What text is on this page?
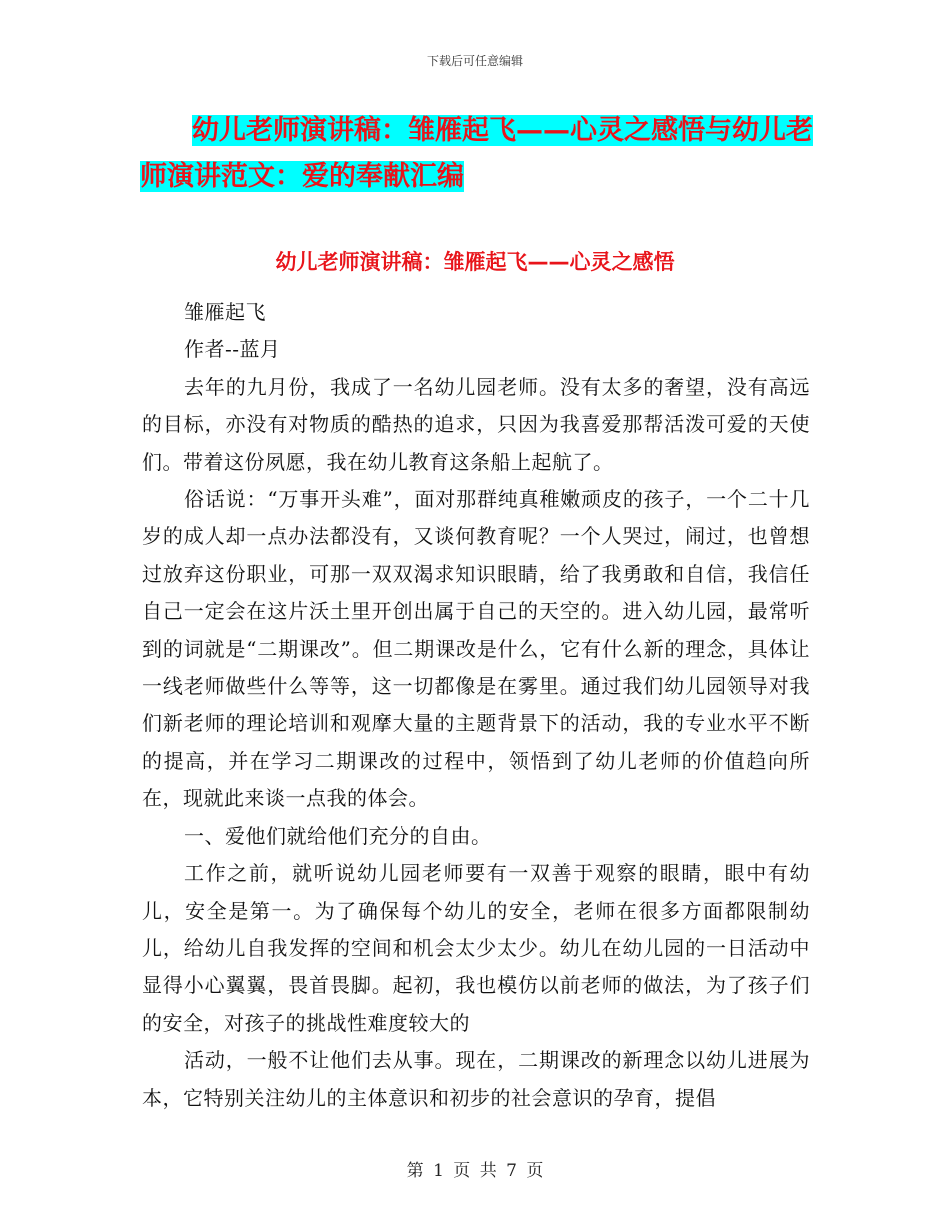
下载后可任意编辑
幼儿老师演讲稿：雏雁起飞——心灵之感悟与幼儿老师演讲范文：爱的奉献汇编
幼儿老师演讲稿：雏雁起飞——心灵之感悟

雏雁起飞

作者--蓝月

去年的九月份，我成了一名幼儿园老师。没有太多的奢望，没有高远的目标，亦没有对物质的酷热的追求，只因为我喜爱那帮活泼可爱的天使们。带着这份夙愿，我在幼儿教育这条船上起航了。

俗话说：“万事开头难”，面对那群纯真稚嫩顽皮的孩子，一个二十几岁的成人却一点办法都没有，又谈何教育呢？一个人哭过，闹过，也曾想过放弃这份职业，可那一双双渴求知识眼睛，给了我勇敢和自信，我信任自己一定会在这片沃土里开创出属于自己的天空的。进入幼儿园，最常听到的词就是“二期课改”。但二期课改是什么，它有什么新的理念，具体让一线老师做些什么等等，这一切都像是在雾里。通过我们幼儿园领导对我们新老师的理论培训和观摩大量的主题背景下的活动，我的专业水平不断的提高，并在学习二期课改的过程中，领悟到了幼儿老师的价值趋向所在，现就此来谈一点我的体会。

一、爱他们就给他们充分的自由。

工作之前，就听说幼儿园老师要有一双善于观察的眼睛，眼中有幼儿，安全是第一。为了确保每个幼儿的安全，老师在很多方面都限制幼儿，给幼儿自我发挥的空间和机会太少太少。幼儿在幼儿园的一日活动中显得小心翼翼，畏首畏脚。起初，我也模仿以前老师的做法，为了孩子们的安全，对孩子的挑战性难度较大的

活动，一般不让他们去从事。现在，二期课改的新理念以幼儿进展为本，它特别关注幼儿的主体意识和初步的社会意识的孕育，提倡

第 1 页 共 7 页
